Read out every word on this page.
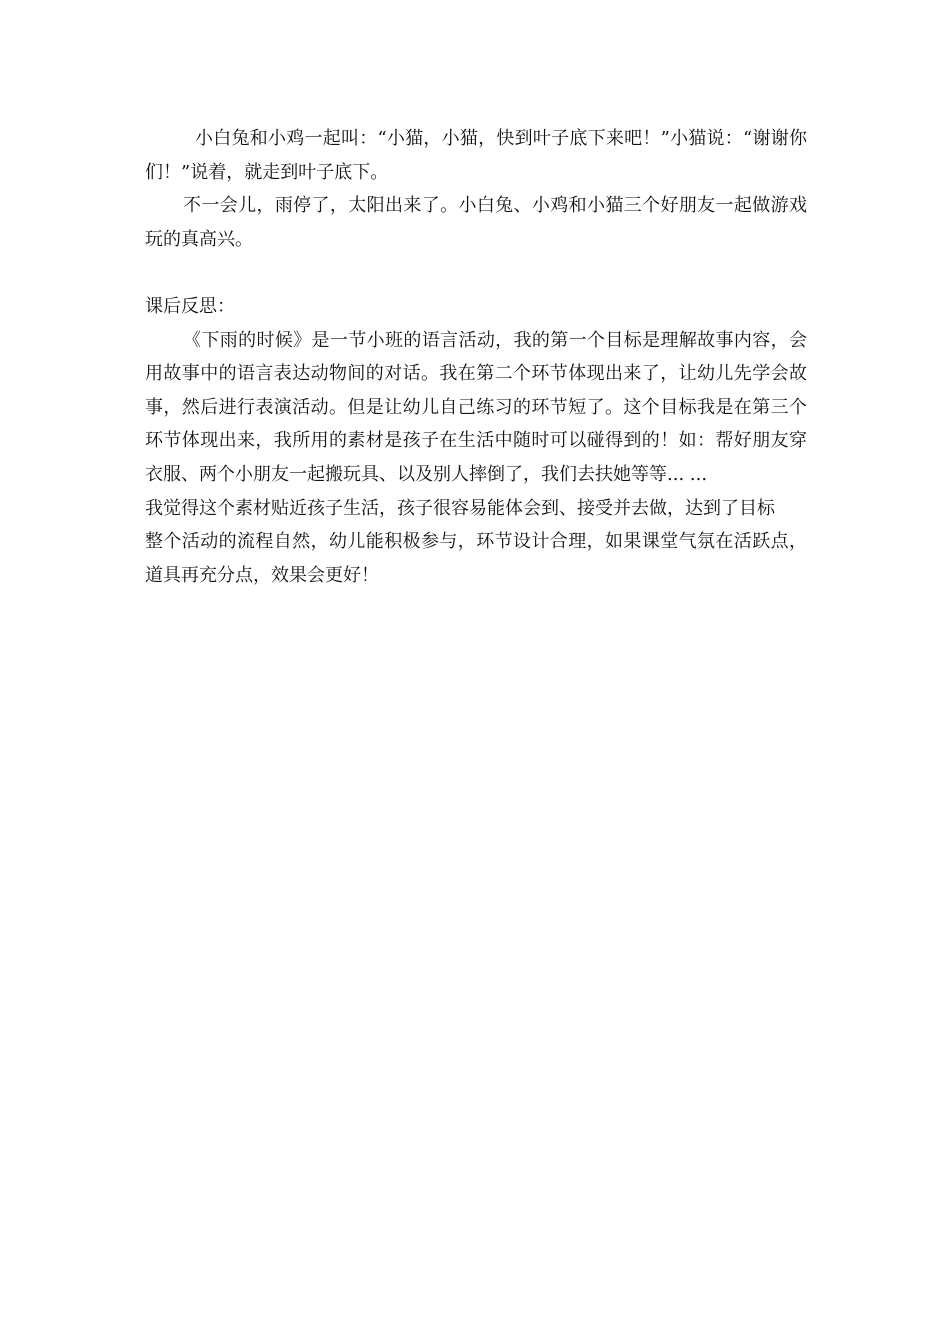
小白兔和小鸡一起叫：“小猫，小猫，快到叶子底下来吧！”小猫说：“谢谢你们！”说着，就走到叶子底下。

不一会儿，雨停了，太阳出来了。小白兔、小鸡和小猫三个好朋友一起做游戏玩的真高兴。

课后反思：

《下雨的时候》是一节小班的语言活动，我的第一个目标是理解故事内容，会用故事中的语言表达动物间的对话。我在第二个环节体现出来了，让幼儿先学会故事，然后进行表演活动。但是让幼儿自己练习的环节短了。这个目标我是在第三个环节体现出来，我所用的素材是孩子在生活中随时可以碰得到的！如：帮好朋友穿衣服、两个小朋友一起搬玩具、以及别人摔倒了，我们去扶她等等... ...

我觉得这个素材贴近孩子生活，孩子很容易能体会到、接受并去做，达到了目标

整个活动的流程自然，幼儿能积极参与，环节设计合理，如果课堂气氛在活跃点，道具再充分点，效果会更好！
